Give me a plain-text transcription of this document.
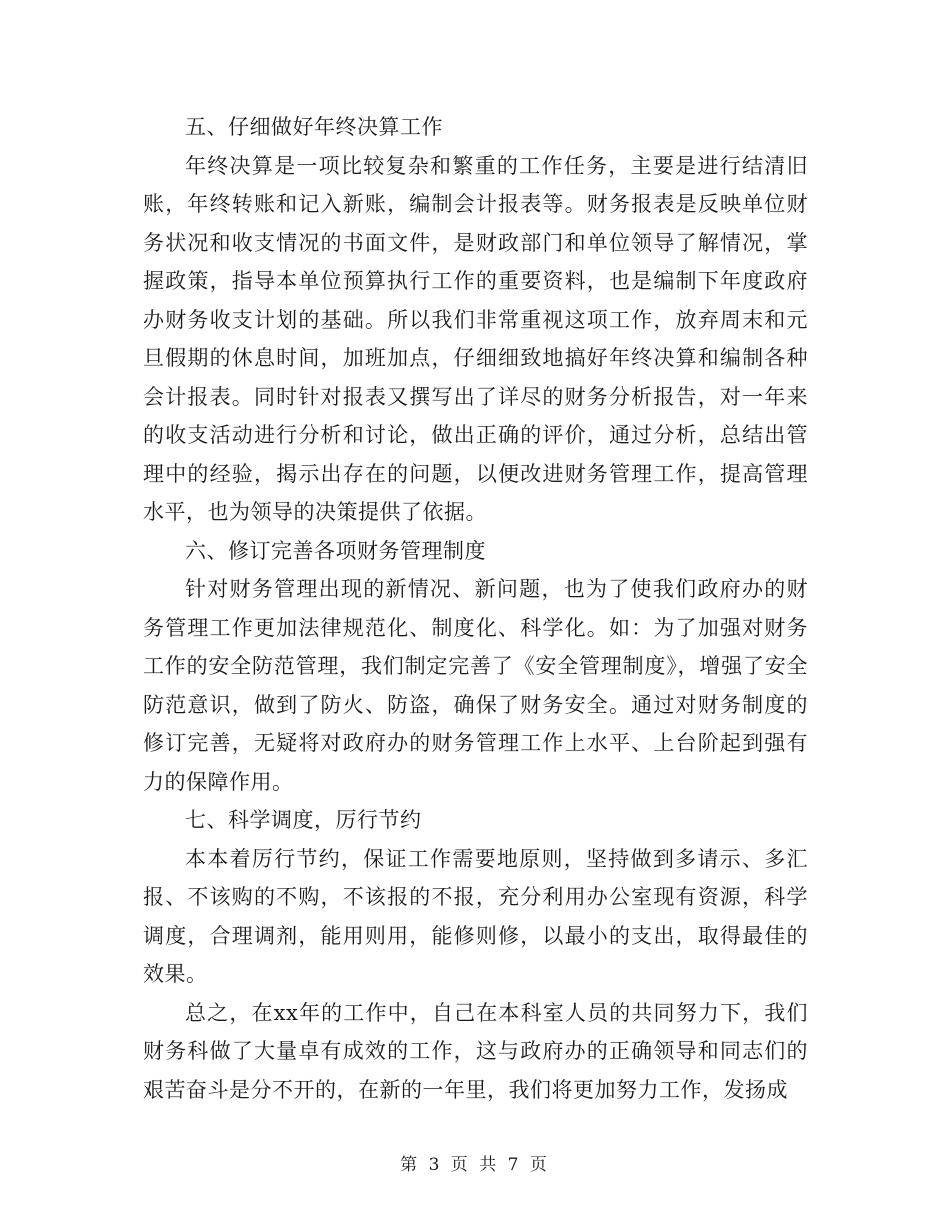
五、仔细做好年终决算工作

年终决算是一项比较复杂和繁重的工作任务，主要是进行结清旧账，年终转账和记入新账，编制会计报表等。财务报表是反映单位财务状况和收支情况的书面文件，是财政部门和单位领导了解情况，掌握政策，指导本单位预算执行工作的重要资料，也是编制下年度政府办财务收支计划的基础。所以我们非常重视这项工作，放弃周末和元旦假期的休息时间，加班加点，仔细细致地搞好年终决算和编制各种会计报表。同时针对报表又撰写出了详尽的财务分析报告，对一年来的收支活动进行分析和讨论，做出正确的评价，通过分析，总结出管理中的经验，揭示出存在的问题，以便改进财务管理工作，提高管理水平，也为领导的决策提供了依据。

六、修订完善各项财务管理制度

针对财务管理出现的新情况、新问题，也为了使我们政府办的财务管理工作更加法律规范化、制度化、科学化。如：为了加强对财务工作的安全防范管理，我们制定完善了《安全管理制度》，增强了安全防范意识，做到了防火、防盗，确保了财务安全。通过对财务制度的修订完善，无疑将对政府办的财务管理工作上水平、上台阶起到强有力的保障作用。

七、科学调度，厉行节约

本本着厉行节约，保证工作需要地原则，坚持做到多请示、多汇报、不该购的不购，不该报的不报，充分利用办公室现有资源，科学调度，合理调剂，能用则用，能修则修，以最小的支出，取得最佳的效果。

总之，在xx年的工作中，自己在本科室人员的共同努力下，我们财务科做了大量卓有成效的工作，这与政府办的正确领导和同志们的艰苦奋斗是分不开的，在新的一年里，我们将更加努力工作，发扬成

第 3 页 共 7 页
